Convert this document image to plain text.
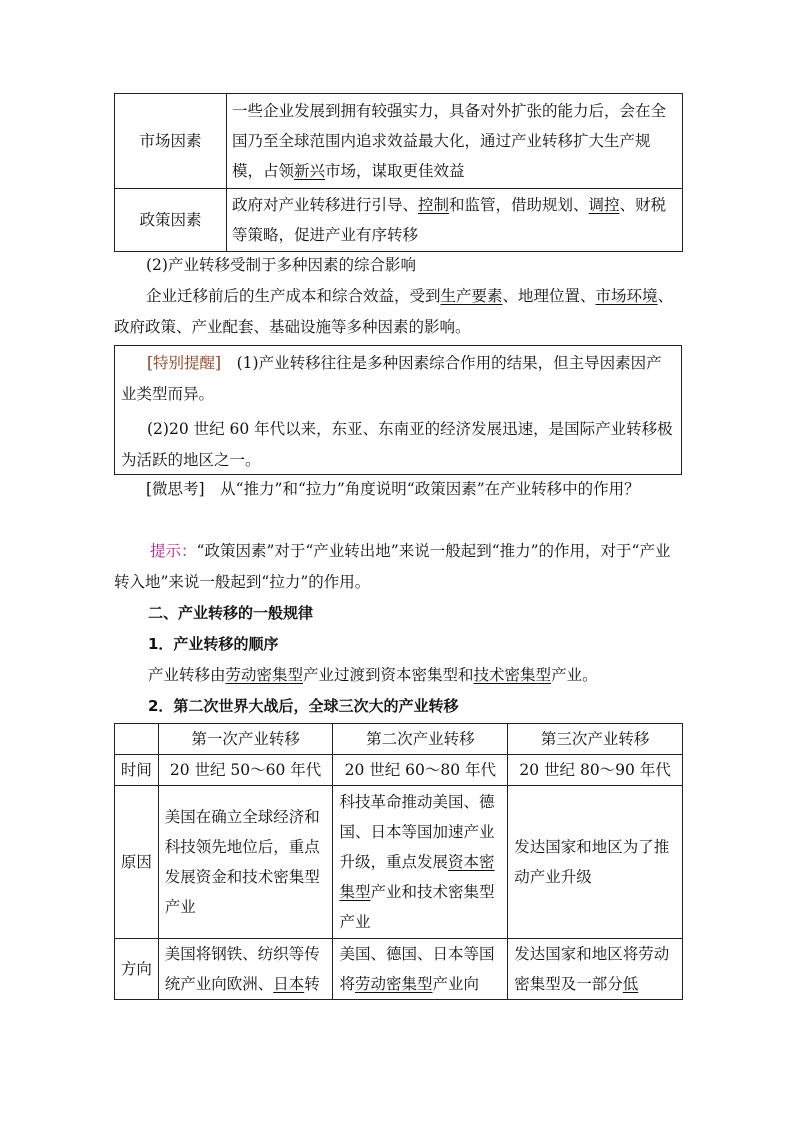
市场因素	一些企业发展到拥有较强实力，具备对外扩张的能力后，会在全国乃至全球范围内追求效益最大化，通过产业转移扩大生产规模，占领新兴市场，谋取更佳效益
政策因素	政府对产业转移进行引导、控制和监管，借助规划、调控、财税等策略，促进产业有序转移
(2)产业转移受制于多种因素的综合影响
企业迁移前后的生产成本和综合效益，受到生产要素、地理位置、市场环境、政府政策、产业配套、基础设施等多种因素的影响。
[特别提醒]　(1)产业转移往往是多种因素综合作用的结果，但主导因素因产业类型而异。
(2)20 世纪 60 年代以来，东亚、东南亚的经济发展迅速，是国际产业转移极为活跃的地区之一。
[微思考]　从“推力”和“拉力”角度说明“政策因素”在产业转移中的作用？
提示：“政策因素”对于“产业转出地”来说一般起到“推力”的作用，对于“产业转入地”来说一般起到“拉力”的作用。
二、产业转移的一般规律
1．产业转移的顺序
产业转移由劳动密集型产业过渡到资本密集型和技术密集型产业。
2．第二次世界大战后，全球三次大的产业转移
	第一次产业转移	第二次产业转移	第三次产业转移
时间	20 世纪 50～60 年代	20 世纪 60～80 年代	20 世纪 80～90 年代
原因	美国在确立全球经济和科技领先地位后，重点发展资金和技术密集型产业	科技革命推动美国、德国、日本等国加速产业升级，重点发展资本密集型产业和技术密集型产业	发达国家和地区为了推动产业升级
方向	美国将钢铁、纺织等传统产业向欧洲、日本转	美国、德国、日本等国将劳动密集型产业向	发达国家和地区将劳动密集型及一部分低
